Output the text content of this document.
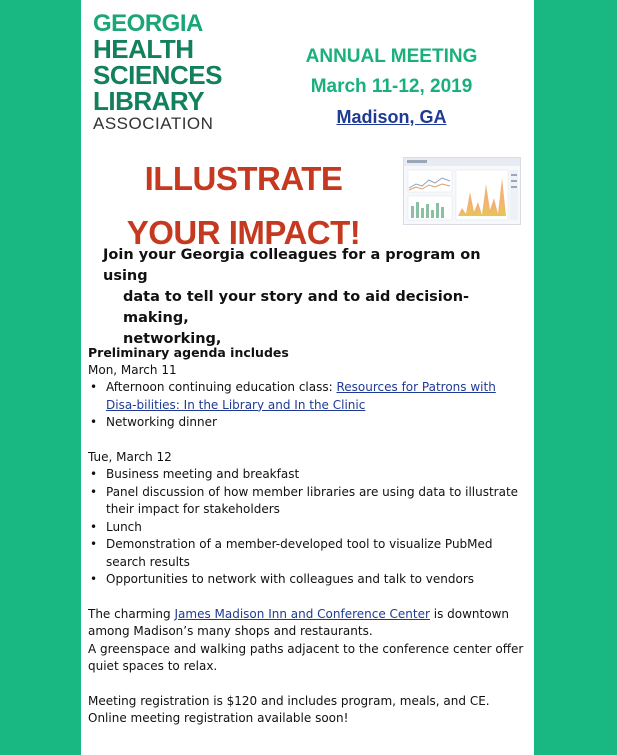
GEORGIA
HEALTH
SCIENCES
LIBRARY
ASSOCIATION
ANNUAL MEETING
March 11-12, 2019
Madison, GA
ILLUSTRATE
YOUR IMPACT!
Join your Georgia colleagues for a program on using
data to tell your story and to aid decision-making,
networking,
Preliminary agenda includes
Mon, March 11
• Afternoon continuing education class: Resources for Patrons with Disa-bilities: In the Library and In the Clinic
• Networking dinner
Tue, March 12
• Business meeting and breakfast
• Panel discussion of how member libraries are using data to illustrate their impact for stakeholders
• Lunch
• Demonstration of a member-developed tool to visualize PubMed search results
• Opportunities to network with colleagues and talk to vendors

The charming James Madison Inn and Conference Center is downtown among Madison’s many shops and restaurants.

A greenspace and walking paths adjacent to the conference center offer quiet spaces to relax.

Meeting registration is $120 and includes program, meals, and CE.

Online meeting registration available soon!
